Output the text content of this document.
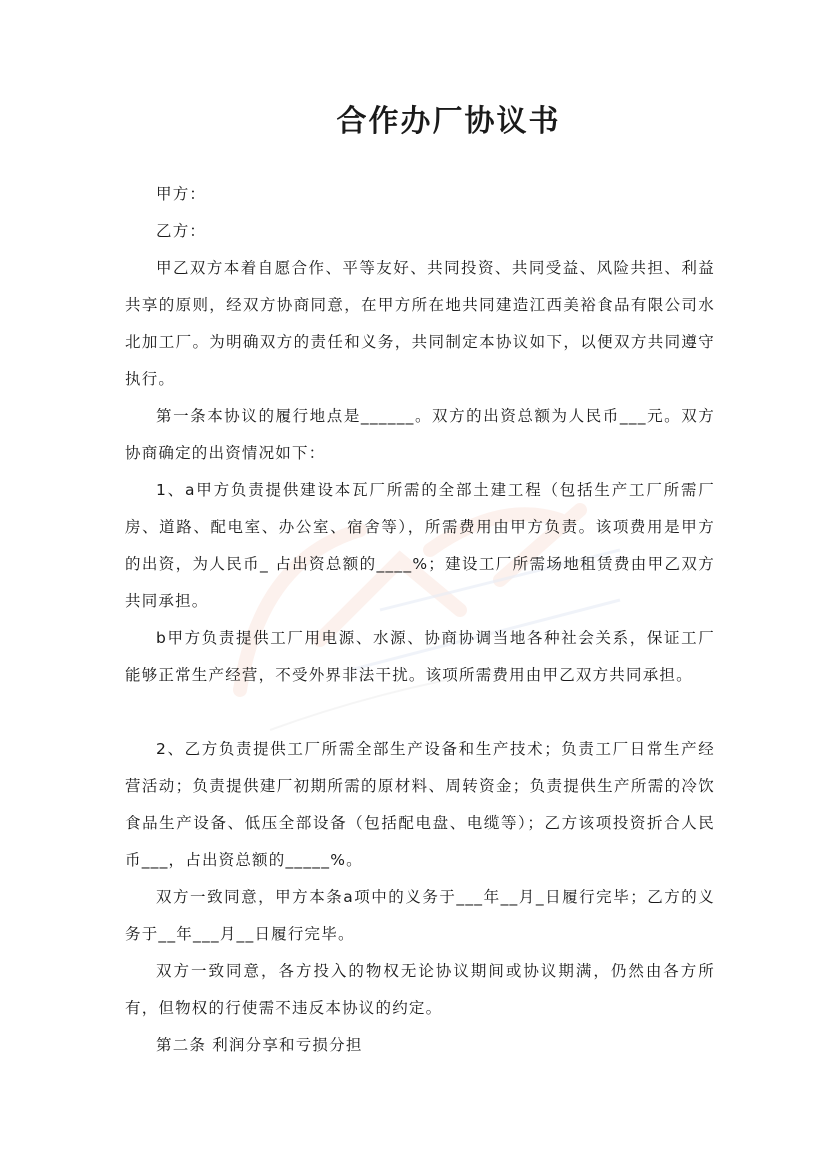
合作办厂协议书

甲方：

乙方：

甲乙双方本着自愿合作、平等友好、共同投资、共同受益、风险共担、利益共享的原则，经双方协商同意，在甲方所在地共同建造江西美裕食品有限公司水北加工厂。为明确双方的责任和义务，共同制定本协议如下，以便双方共同遵守执行。

第一条本协议的履行地点是______。双方的出资总额为人民币___元。双方协商确定的出资情况如下：

1、a甲方负责提供建设本瓦厂所需的全部土建工程（包括生产工厂所需厂房、道路、配电室、办公室、宿舍等），所需费用由甲方负责。该项费用是甲方的出资，为人民币_ 占出资总额的____%；建设工厂所需场地租赁费由甲乙双方共同承担。

b甲方负责提供工厂用电源、水源、协商协调当地各种社会关系，保证工厂能够正常生产经营，不受外界非法干扰。该项所需费用由甲乙双方共同承担。

2、乙方负责提供工厂所需全部生产设备和生产技术；负责工厂日常生产经营活动；负责提供建厂初期所需的原材料、周转资金；负责提供生产所需的冷饮食品生产设备、低压全部设备（包括配电盘、电缆等）；乙方该项投资折合人民币___，占出资总额的_____%。

双方一致同意，甲方本条a项中的义务于___年__月_日履行完毕；乙方的义务于__年___月__日履行完毕。

双方一致同意，各方投入的物权无论协议期间或协议期满，仍然由各方所有，但物权的行使需不违反本协议的约定。

第二条 利润分享和亏损分担
